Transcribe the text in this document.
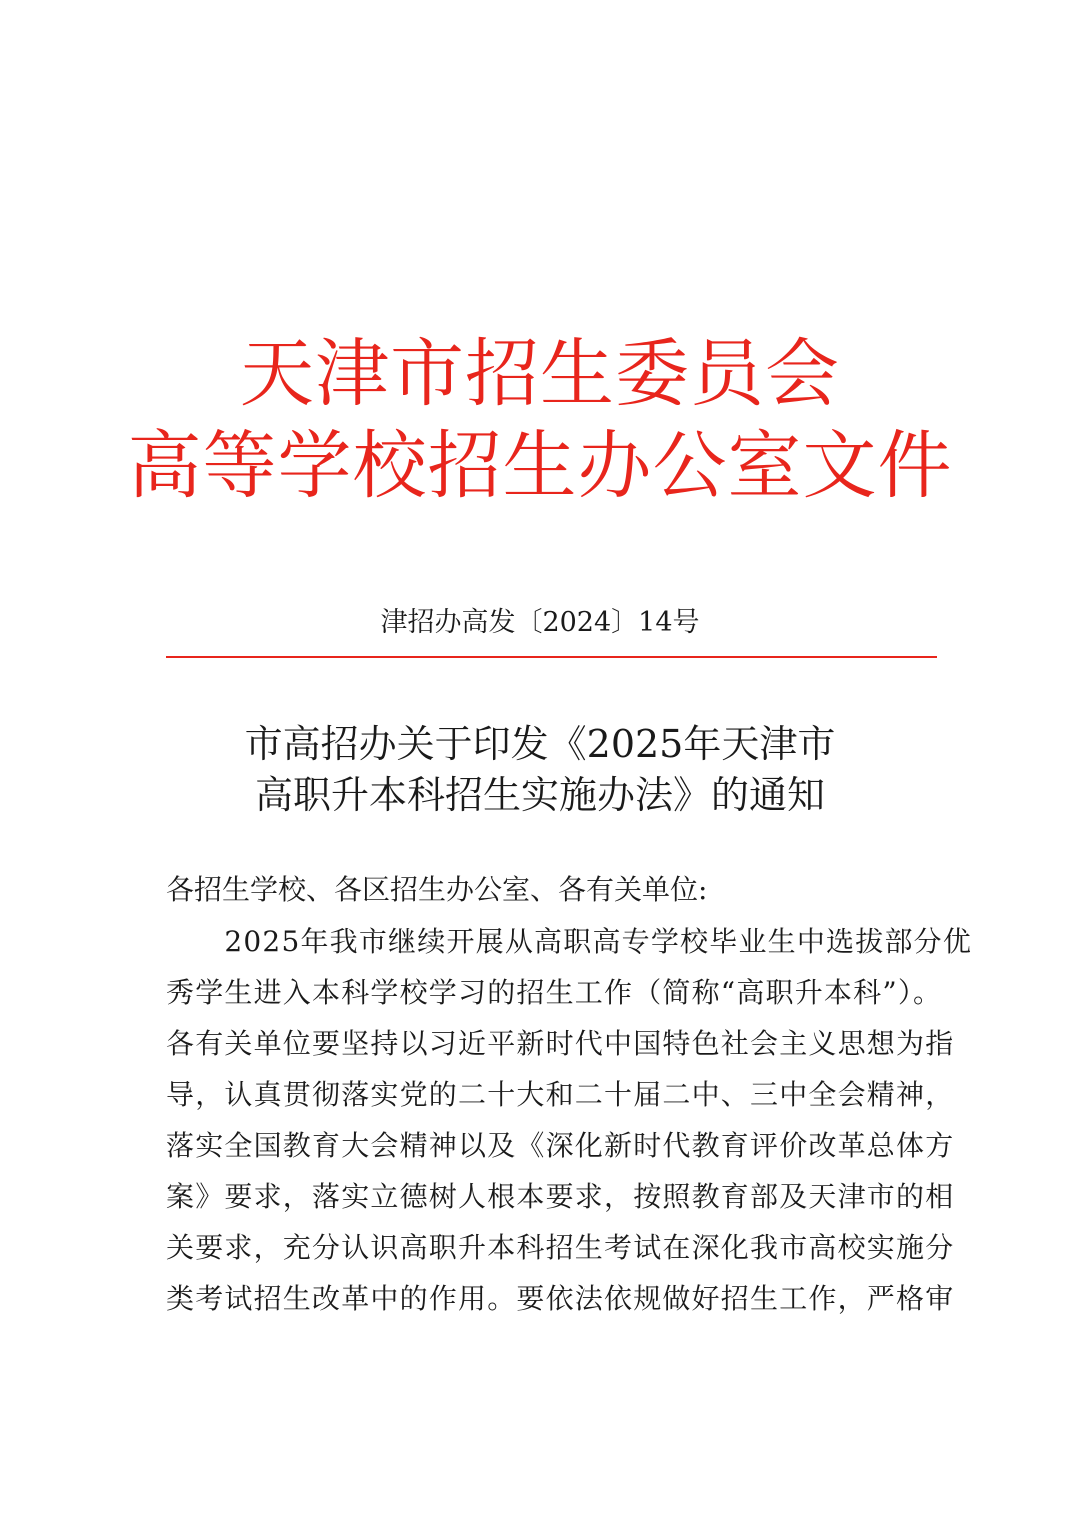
天津市招生委员会
高等学校招生办公室文件
津招办高发〔2024〕14号
市高招办关于印发《2025年天津市
高职升本科招生实施办法》的通知
各招生学校、各区招生办公室、各有关单位:
　　2025年我市继续开展从高职高专学校毕业生中选拔部分优
秀学生进入本科学校学习的招生工作（简称“高职升本科”）。
各有关单位要坚持以习近平新时代中国特色社会主义思想为指
导，认真贯彻落实党的二十大和二十届二中、三中全会精神，
落实全国教育大会精神以及《深化新时代教育评价改革总体方
案》要求，落实立德树人根本要求，按照教育部及天津市的相
关要求，充分认识高职升本科招生考试在深化我市高校实施分
类考试招生改革中的作用。要依法依规做好招生工作，严格审
